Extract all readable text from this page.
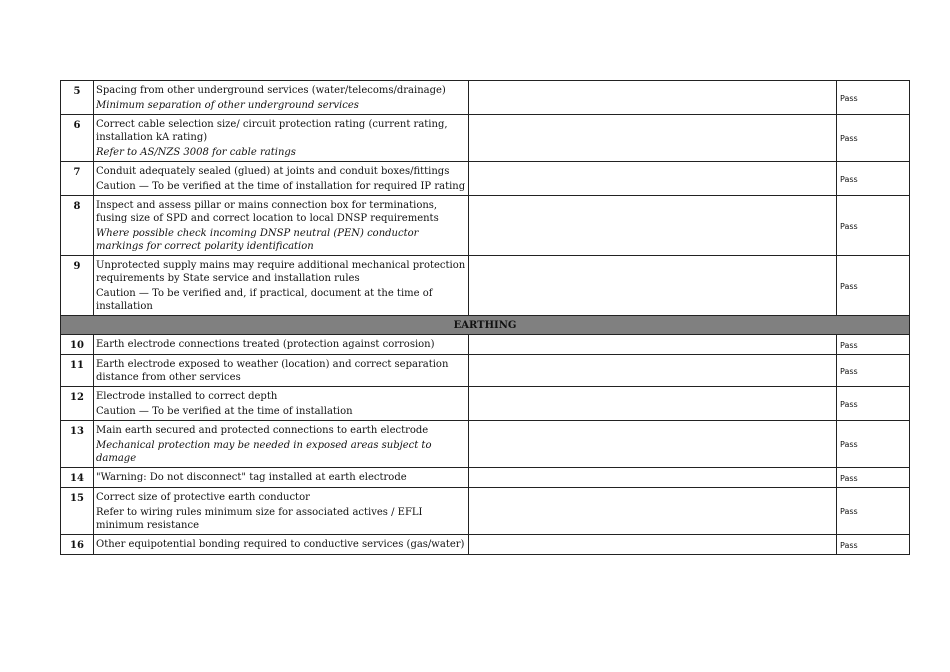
5	Spacing from other underground services (water/telecoms/drainage)

Minimum separation of other underground services		Pass
6	Correct cable selection size/ circuit protection rating (current rating, installation kA rating)

Refer to AS/NZS 3008 for cable ratings		Pass
7	Conduit adequately sealed (glued) at joints and conduit boxes/fittings

Caution — To be verified at the time of installation for required IP rating		Pass
8	Inspect and assess pillar or mains connection box for terminations, fusing size of SPD and correct location to local DNSP requirements

Where possible check incoming DNSP neutral (PEN) conductor markings for correct polarity identification		Pass
9	Unprotected supply mains may require additional mechanical protection requirements by State service and installation rules

Caution — To be verified and, if practical, document at the time of installation		Pass
EARTHING			
10	Earth electrode connections treated (protection against corrosion)		Pass
11	Earth electrode exposed to weather (location) and correct separation distance from other services		Pass
12	Electrode installed to correct depth

Caution — To be verified at the time of installation		Pass
13	Main earth secured and protected connections to earth electrode

Mechanical protection may be needed in exposed areas subject to damage		Pass
14	"Warning: Do not disconnect" tag installed at earth electrode		Pass
15	Correct size of protective earth conductor

Refer to wiring rules minimum size for associated actives / EFLI minimum resistance		Pass
16	Other equipotential bonding required to conductive services (gas/water)		Pass
